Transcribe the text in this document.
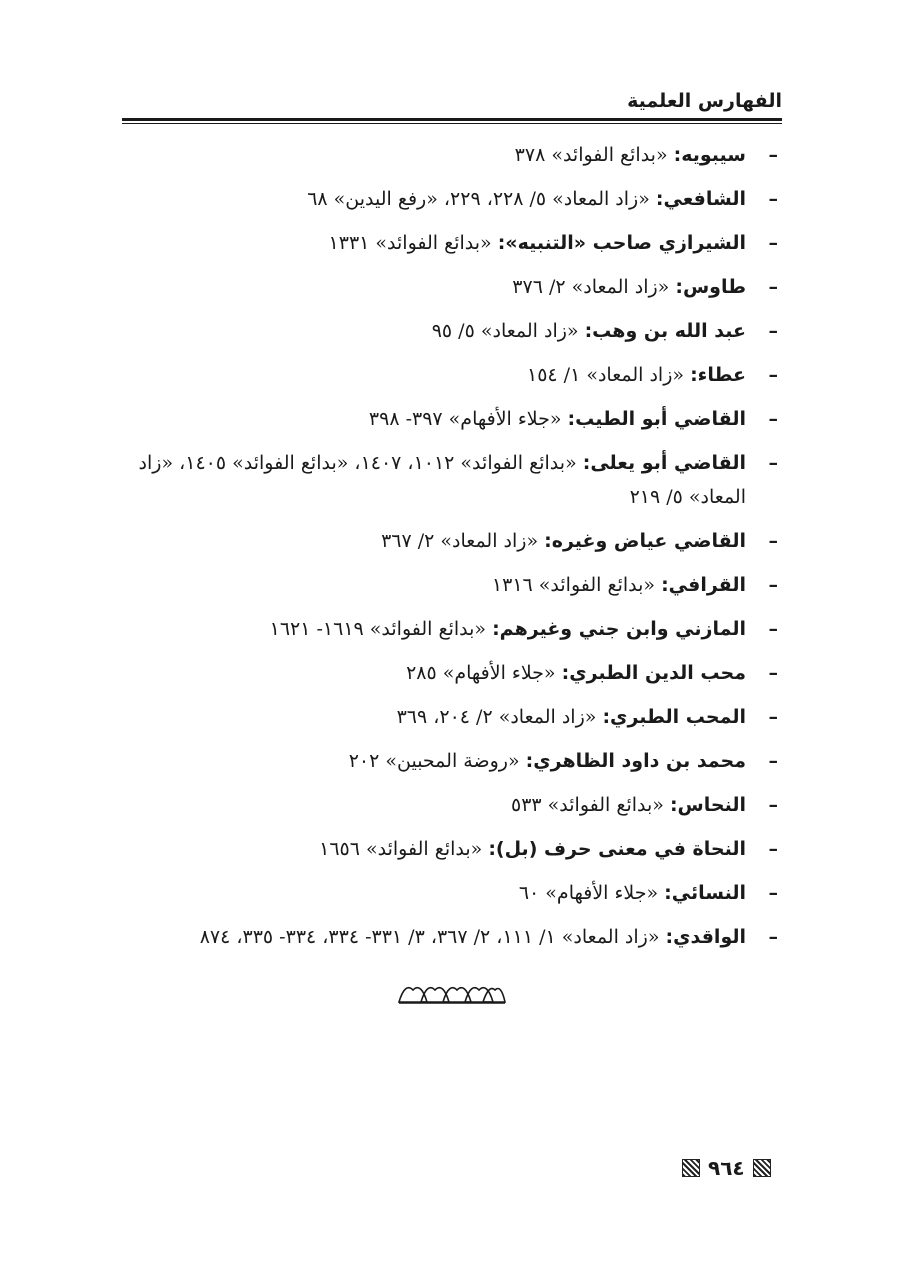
الفهارس العلمية
–
سيبويه: «بدائع الفوائد» ٣٧٨
–
الشافعي: «زاد المعاد» ٥/ ٢٢٨، ٢٢٩، «رفع اليدين» ٦٨
–
الشيرازي صاحب «التنبيه»: «بدائع الفوائد» ١٣٣١
–
طاوس: «زاد المعاد» ٢/ ٣٧٦
–
عبد الله بن وهب: «زاد المعاد» ٥/ ٩٥
–
عطاء: «زاد المعاد» ١/ ١٥٤
–
القاضي أبو الطيب: «جلاء الأفهام» ٣٩٧- ٣٩٨
–
القاضي أبو يعلى: «بدائع الفوائد» ١٠١٢، ١٤٠٧، «بدائع الفوائد» ١٤٠٥، «زاد المعاد» ٥/ ٢١٩
–
القاضي عياض وغيره: «زاد المعاد» ٢/ ٣٦٧
–
القرافي: «بدائع الفوائد» ١٣١٦
–
المازني وابن جني وغيرهم: «بدائع الفوائد» ١٦١٩- ١٦٢١
–
محب الدين الطبري: «جلاء الأفهام» ٢٨٥
–
المحب الطبري: «زاد المعاد» ٢/ ٢٠٤، ٣٦٩
–
محمد بن داود الظاهري: «روضة المحبين» ٢٠٢
–
النحاس: «بدائع الفوائد» ٥٣٣
–
النحاة في معنى حرف (بل): «بدائع الفوائد» ١٦٥٦
–
النسائي: «جلاء الأفهام» ٦٠
–
الواقدي: «زاد المعاد» ١/ ١١١، ٢/ ٣٦٧، ٣/ ٣٣١- ٣٣٤، ٣٣٤- ٣٣٥، ٨٧٤
٩٦٤
